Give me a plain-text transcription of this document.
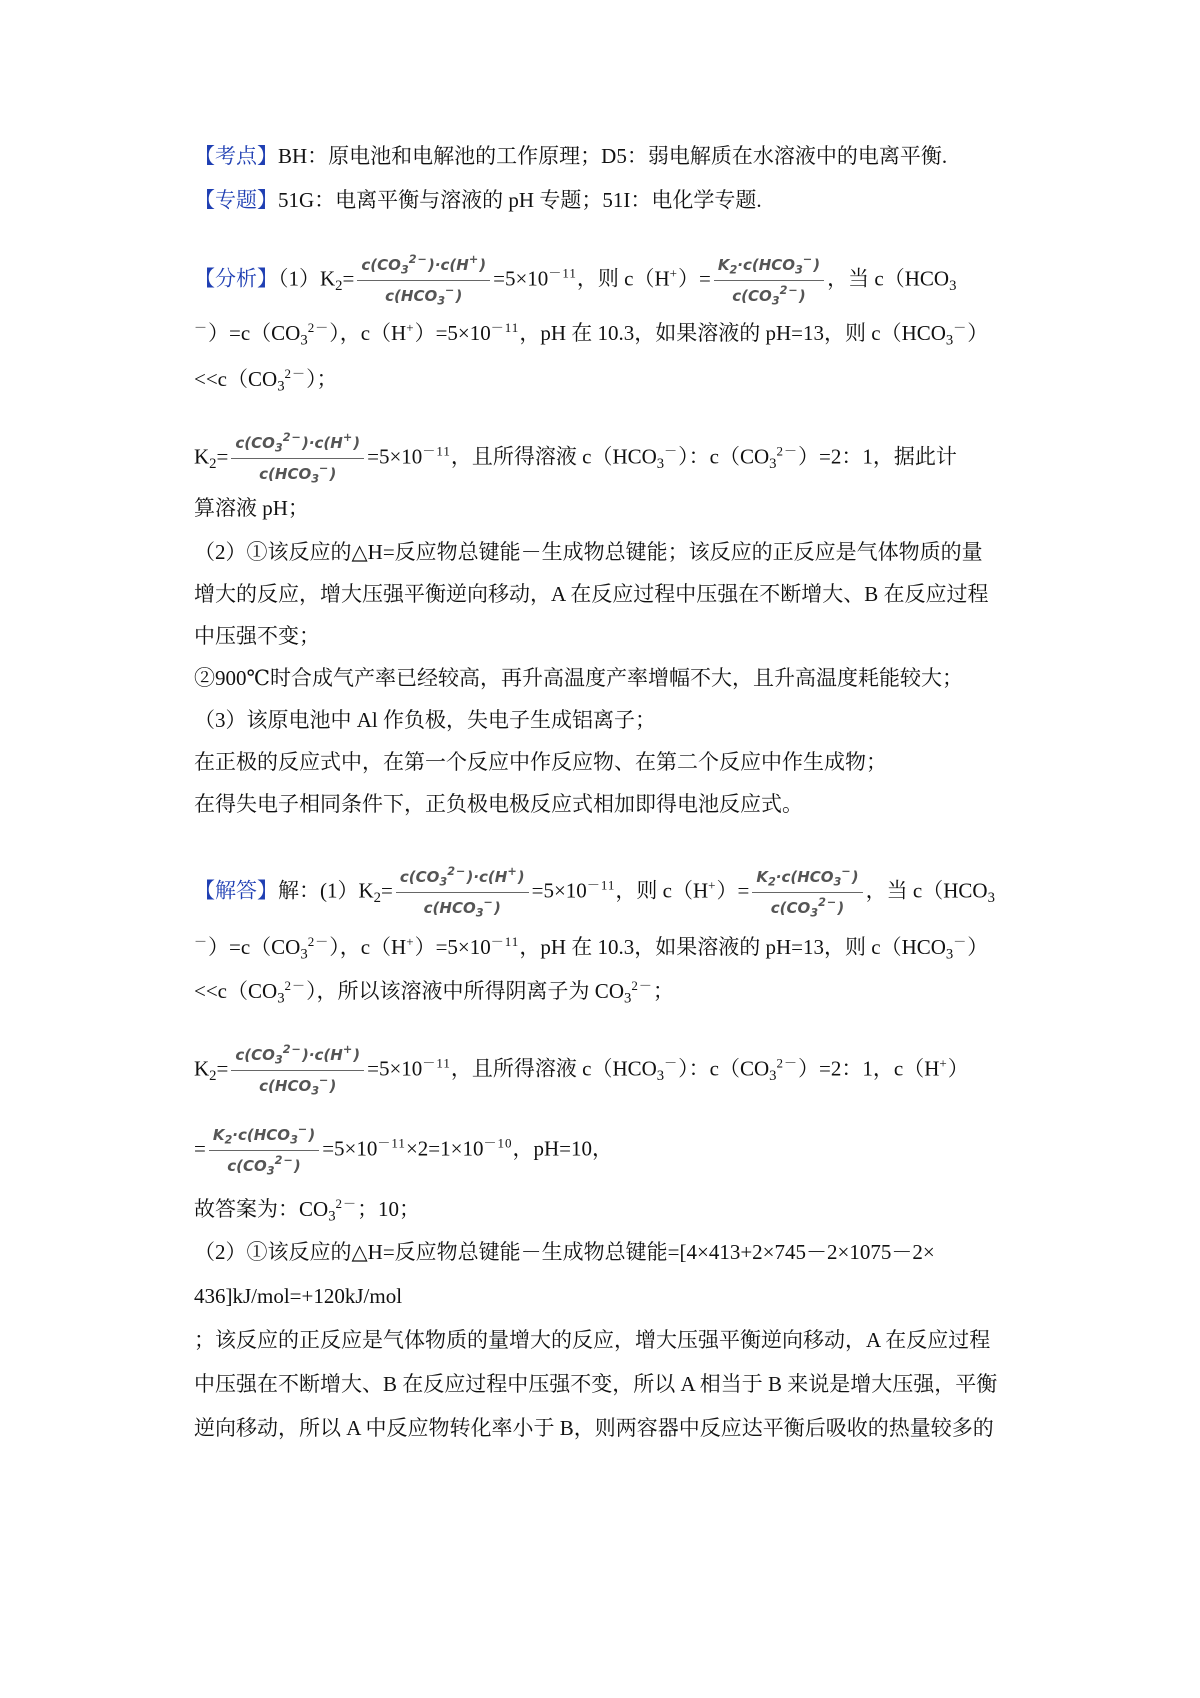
【考点】BH：原电池和电解池的工作原理；D5：弱电解质在水溶液中的电离平衡.
【专题】51G：电离平衡与溶液的 pH 专题；51I：电化学专题.
【分析】$(1)K_2= \frac{c(CO_3^{2-})\cdot c(H^+)}{c(HCO_3^-)} =5\times 10^{-11}$，则 $c(H^+)= \frac{K_2\cdot c(HCO_3^-)}{c(CO_3^{2-})}$ ，当 $c(HCO_3$
$^-)=c(CO_3^{2-})$，$c(H^+)=5\times 10^{-11}$，pH 在 10.3，如果溶液的 pH=13，则 $c(HCO_3^-)$
$<<c(CO_3^{2-})$；
$K_2= \frac{c(CO_3^{2-})\cdot c(H^+)}{c(HCO_3^-)} =5\times 10^{-11}$，且所得溶液 $c(HCO_3^-)$：$c(CO_3^{2-})=2$：1，据此计
算溶液 pH；
（2）①该反应的△H=反应物总键能－生成物总键能；该反应的正反应是气体物质的量
增大的反应，增大压强平衡逆向移动，A 在反应过程中压强在不断增大、B 在反应过程
中压强不变；
②900℃时合成气产率已经较高，再升高温度产率增幅不大，且升高温度耗能较大；
（3）该原电池中 Al 作负极，失电子生成铝离子；
在正极的反应式中，在第一个反应中作反应物、在第二个反应中作生成物；
在得失电子相同条件下，正负极电极反应式相加即得电池反应式。
【解答】解：$(1)K_2= \frac{c(CO_3^{2-})\cdot c(H^+)}{c(HCO_3^-)} =5\times 10^{-11}$，则 $c(H^+)= \frac{K_2\cdot c(HCO_3^-)}{c(CO_3^{2-})}$ ，当 $c(HCO_3$
$^-)=c(CO_3^{2-})$，$c(H^+)=5\times 10^{-11}$，pH 在 10.3，如果溶液的 pH=13，则 $c(HCO_3^-)$
$<<c(CO_3^{2-})$，所以该溶液中所得阴离子为 $CO_3^{2-}$；
$K_2= \frac{c(CO_3^{2-})\cdot c(H^+)}{c(HCO_3^-)} =5\times 10^{-11}$，且所得溶液 $c(HCO_3^-)$：$c(CO_3^{2-})=2$：1，c（H+）
= $\frac{K_2\cdot c(HCO_3^-)}{c(CO_3^{2-})} =5\times 10^{-11}\times 2=1\times 10^{-10}$，pH=10，
故答案为：$CO_3^{2-}$；10；
（2）①该反应的△H=反应物总键能－生成物总键能=[4×413+2×745－2×1075－2×
436]kJ/mol=+120kJ/mol
；该反应的正反应是气体物质的量增大的反应，增大压强平衡逆向移动，A 在反应过程
中压强在不断增大、B 在反应过程中压强不变，所以 A 相当于 B 来说是增大压强，平衡
逆向移动，所以 A 中反应物转化率小于 B，则两容器中反应达平衡后吸收的热量较多的
